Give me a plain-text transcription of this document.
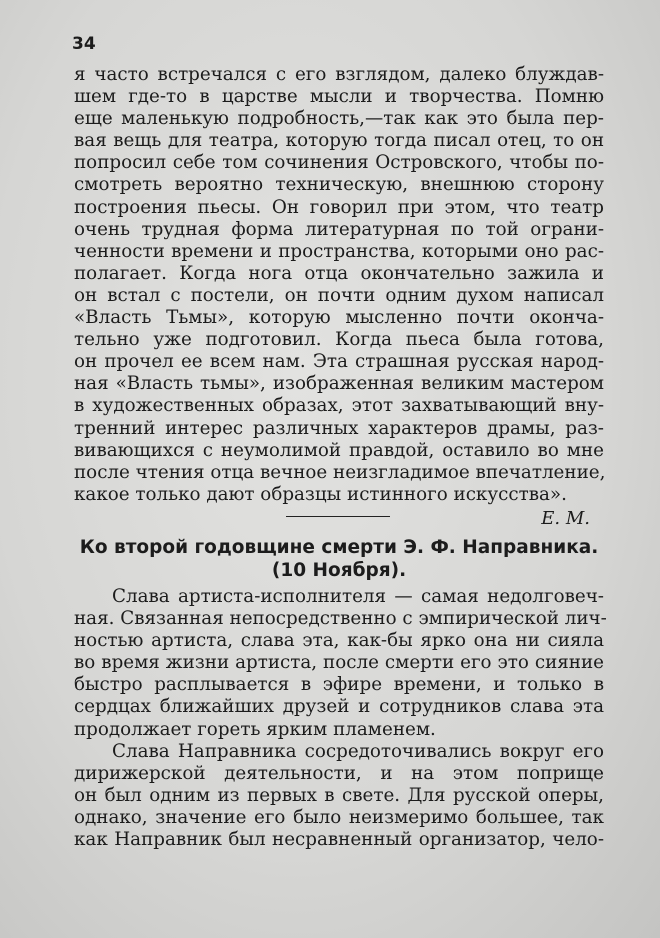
34
я часто встречался с его взглядом, далеко блуждав-
шем где-то в царстве мысли и творчества. Помню
еще маленькую подробность,—так как это была пер-
вая вещь для театра, которую тогда писал отец, то он
попросил себе том сочинения Островского, чтобы по-
смотреть вероятно техническую, внешнюю сторону
построения пьесы. Он говорил при этом, что театр
очень трудная форма литературная по той ограни-
ченности времени и пространства, которыми оно рас-
полагает. Когда нога отца окончательно зажила и
он встал с постели, он почти одним духом написал
«Власть Тьмы», которую мысленно почти оконча-
тельно уже подготовил. Когда пьеса была готова,
он прочел ее всем нам. Эта страшная русская народ-
ная «Власть тьмы», изображенная великим мастером
в художественных образах, этот захватывающий вну-
тренний интерес различных характеров драмы, раз-
вивающихся с неумолимой правдой, оставило во мне
после чтения отца вечное неизгладимое впечатление,
какое только дают образцы истинного искусства».
Е. М.
Ко второй годовщине смерти Э. Ф. Направника.
(10 Ноября).
Слава артиста-исполнителя — самая недолговеч-
ная. Связанная непосредственно с эмпирической лич-
ностью артиста, слава эта, как-бы ярко она ни сияла
во время жизни артиста, после смерти его это сияние
быстро расплывается в эфире времени, и только в
сердцах ближайших друзей и сотрудников слава эта
продолжает гореть ярким пламенем.
Слава Направника сосредоточивались вокруг его
дирижерской деятельности, и на этом поприще
он был одним из первых в свете. Для русской оперы,
однако, значение его было неизмеримо большее, так
как Направник был несравненный организатор, чело-
